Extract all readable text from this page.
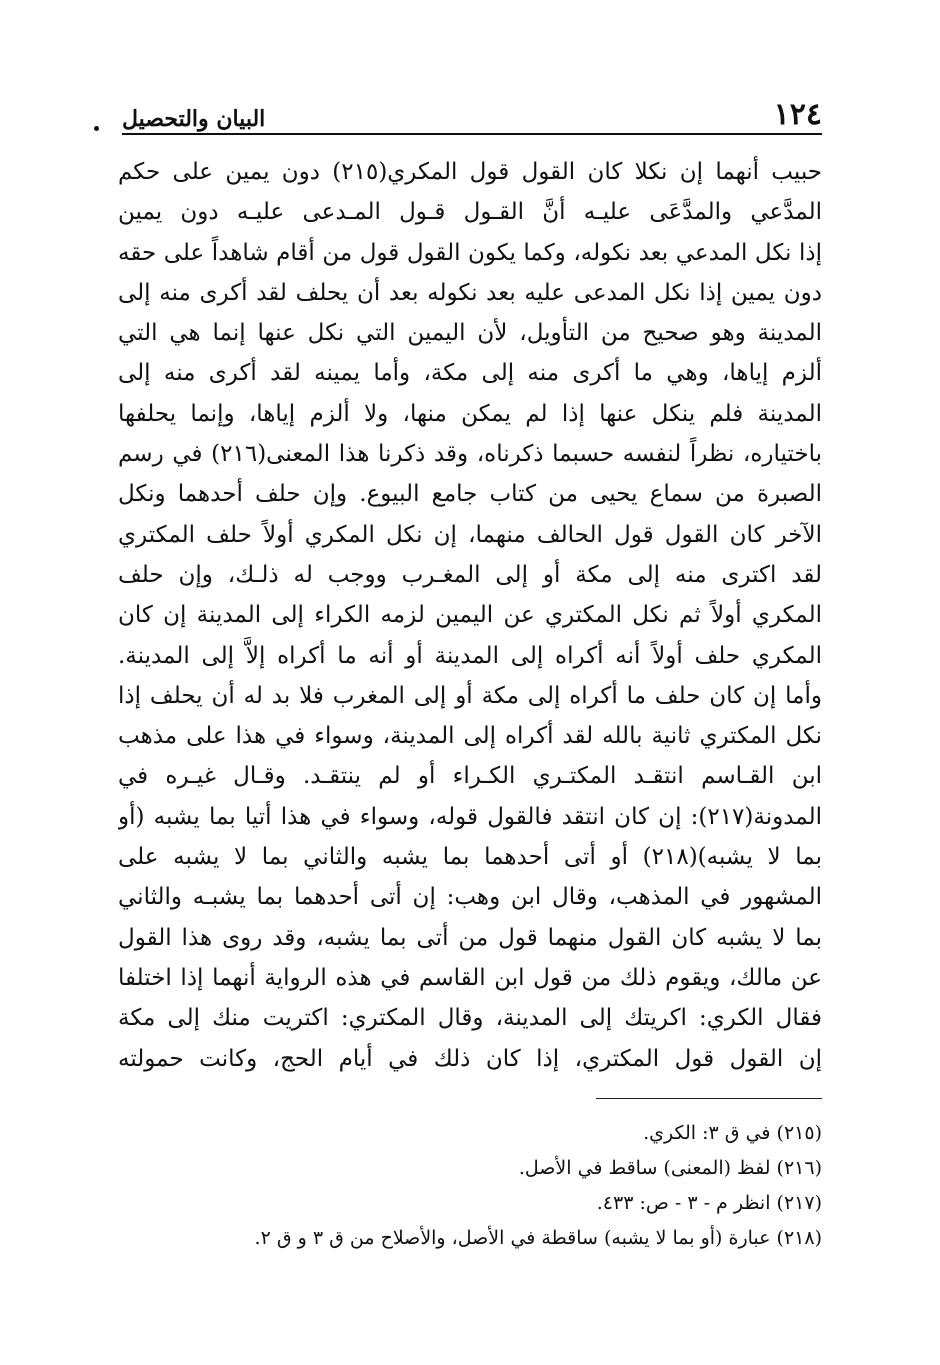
البيان والتحصيل	١٢٤
حبيب أنهما إن نكلا كان القول قول المكري(٢١٥) دون يمين على حكم
المدَّعي والمدَّعَى عليـه أنَّ القـول قـول المـدعى عليـه دون يمين
إذا نكل المدعي بعد نكوله، وكما يكون القول قول من أقام شاهداً على حقه
دون يمين إذا نكل المدعى عليه بعد نكوله بعد أن يحلف لقد أكرى منه إلى
المدينة وهو صحيح من التأويل، لأن اليمين التي نكل عنها إنما هي التي
ألزم إياها، وهي ما أكرى منه إلى مكة، وأما يمينه لقد أكرى منه إلى
المدينة فلم ينكل عنها إذا لم يمكن منها، ولا ألزم إياها، وإنما يحلفها
باختياره، نظراً لنفسه حسبما ذكرناه، وقد ذكرنا هذا المعنى(٢١٦) في رسم
الصبرة من سماع يحيى من كتاب جامع البيوع. وإن حلف أحدهما ونكل
الآخر كان القول قول الحالف منهما، إن نكل المكري أولاً حلف المكتري
لقد اكترى منه إلى مكة أو إلى المغـرب ووجب له ذلـك، وإن حلف
المكري أولاً ثم نكل المكتري عن اليمين لزمه الكراء إلى المدينة إن كان
المكري حلف أولاً أنه أكراه إلى المدينة أو أنه ما أكراه إلاَّ إلى المدينة.
وأما إن كان حلف ما أكراه إلى مكة أو إلى المغرب فلا بد له أن يحلف إذا
نكل المكتري ثانية بالله لقد أكراه إلى المدينة، وسواء في هذا على مذهب
ابن القـاسم انتقـد المكتـري الكـراء أو لم ينتقـد. وقـال غيـره في
المدونة(٢١٧): إن كان انتقد فالقول قوله، وسواء في هذا أتيا بما يشبه (أو
بما لا يشبه)(٢١٨) أو أتى أحدهما بما يشبه والثاني بما لا يشبه على
المشهور في المذهب، وقال ابن وهب: إن أتى أحدهما بما يشبـه والثاني
بما لا يشبه كان القول منهما قول من أتى بما يشبه، وقد روى هذا القول
عن مالك، ويقوم ذلك من قول ابن القاسم في هذه الرواية أنهما إذا اختلفا
فقال الكري: اكريتك إلى المدينة، وقال المكتري: اكتريت منك إلى مكة
إن القول قول المكتري، إذا كان ذلك في أيام الحج، وكانت حمولته
(٢١٥) في ق ٣: الكري.
(٢١٦) لفظ (المعنى) ساقط في الأصل.
(٢١٧) انظر م - ٣ - ص: ٤٣٣.
(٢١٨) عبارة (أو بما لا يشبه) ساقطة في الأصل، والأصلاح من ق ٣ و ق ٢.
